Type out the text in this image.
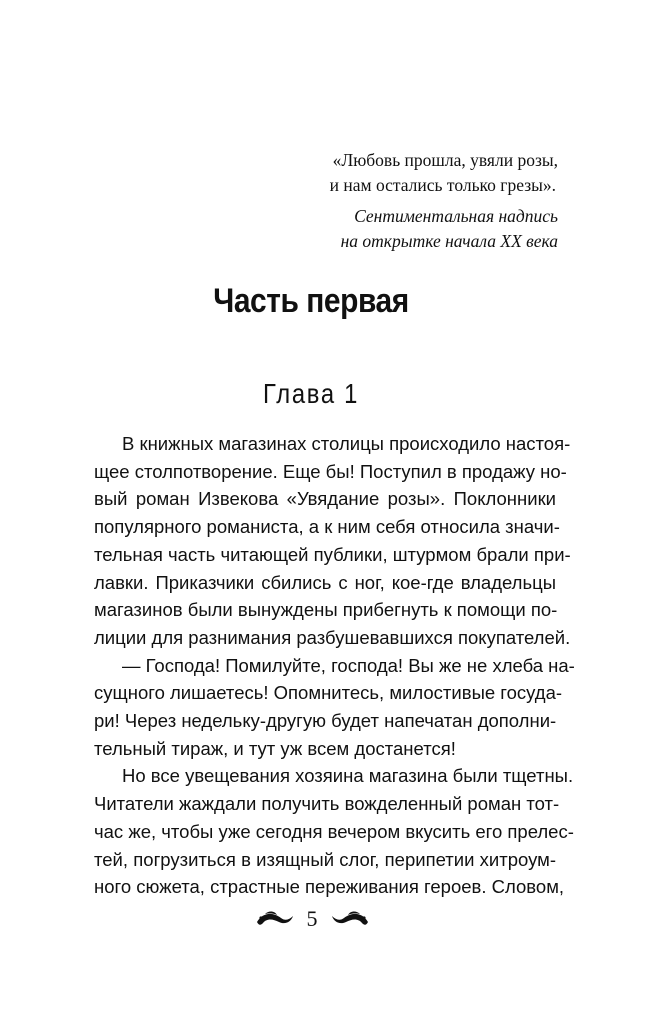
«Любовь прошла, увяли розы,
и нам остались только грезы».
Сентиментальная надпись
на открытке начала XX века
Часть первая
Глава 1
В книжных магазинах столицы происходило настоя-
щее столпотворение. Еще бы! Поступил в продажу но-
вый роман Извекова «Увядание розы». Поклонники
популярного романиста, а к ним себя относила значи-
тельная часть читающей публики, штурмом брали при-
лавки. Приказчики сбились с ног, кое-где владельцы
магазинов были вынуждены прибегнуть к помощи по-
лиции для разнимания разбушевавшихся покупателей.
— Господа! Помилуйте, господа! Вы же не хлеба на-
сущного лишаетесь! Опомнитесь, милостивые госуда-
ри! Через недельку-другую будет напечатан дополни-
тельный тираж, и тут уж всем достанется!
Но все увещевания хозяина магазина были тщетны.
Читатели жаждали получить вожделенный роман тот-
час же, чтобы уже сегодня вечером вкусить его прелес-
тей, погрузиться в изящный слог, перипетии хитроум-
ного сюжета, страстные переживания героев. Словом,
5
